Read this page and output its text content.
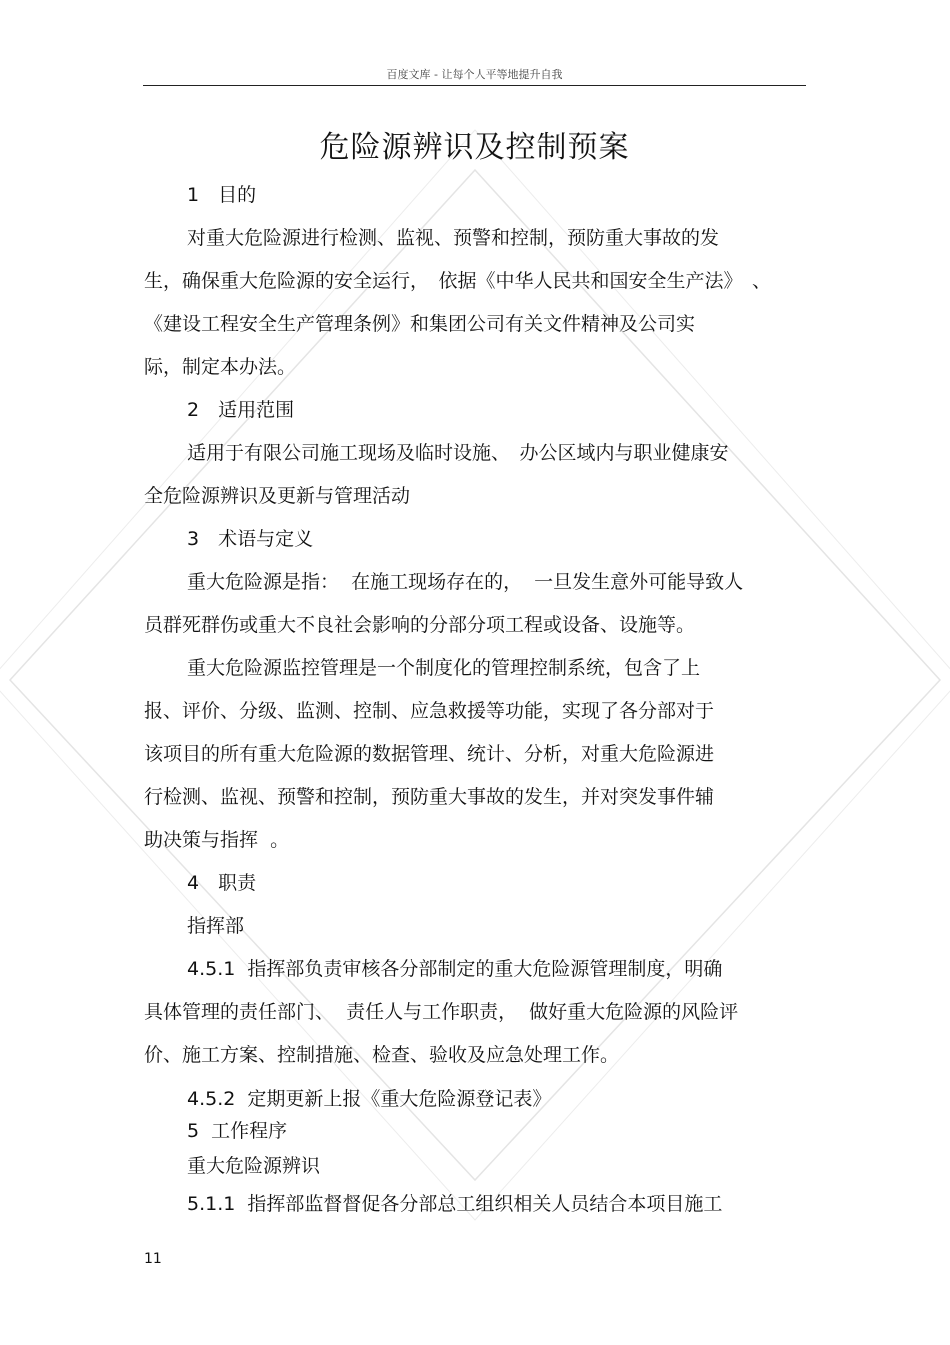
百度文库 - 让每个人平等地提升自我
危险源辨识及控制预案
1　目的
对重大危险源进行检测、监视、预警和控制，预防重大事故的发
生，确保重大危险源的安全运行，　依据《中华人民共和国安全生产法》　、
《建设工程安全生产管理条例》和集团公司有关文件精神及公司实
际，制定本办法。
2　适用范围
适用于有限公司施工现场及临时设施、　办公区域内与职业健康安
全危险源辨识及更新与管理活动
3　术语与定义
重大危险源是指：  在施工现场存在的，  一旦发生意外可能导致人
员群死群伤或重大不良社会影响的分部分项工程或设备、设施等。
重大危险源监控管理是一个制度化的管理控制系统，包含了上
报、评价、分级、监测、控制、应急救援等功能，实现了各分部对于
该项目的所有重大危险源的数据管理、统计、分析，对重大危险源进
行检测、监视、预警和控制，预防重大事故的发生，并对突发事件辅
助决策与指挥  。
4　职责
指挥部
4.5.1  指挥部负责审核各分部制定的重大危险源管理制度，明确
具体管理的责任部门、  责任人与工作职责，  做好重大危险源的风险评
价、施工方案、控制措施、检查、验收及应急处理工作。
4.5.2  定期更新上报《重大危险源登记表》
5  工作程序
重大危险源辨识
5.1.1  指挥部监督督促各分部总工组织相关人员结合本项目施工
11
